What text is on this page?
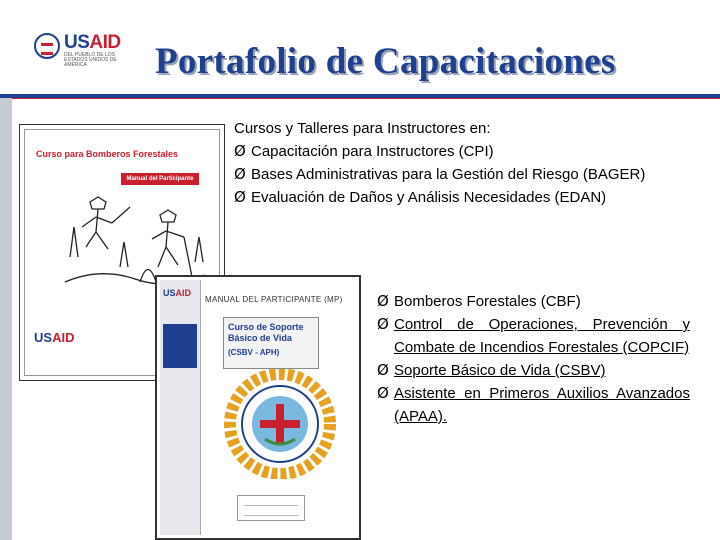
USAID
DEL PUEBLO DE LOS ESTADOS UNIDOS DE AMÉRICA	Portafolio de Capacitaciones
Curso para Bomberos Forestales
Manual del Participante
USAID
USAID
MANUAL DEL PARTICIPANTE (MP)
Curso de Soporte Básico de Vida
(CSBV - APH)
Cursos y Talleres para Instructores en:
Ø Capacitación para Instructores (CPI)
Ø Bases Administrativas para la Gestión del Riesgo (BAGER)
Ø Evaluación de Daños y Análisis Necesidades (EDAN)
Ø Bomberos Forestales (CBF)
Ø Control de Operaciones, Prevención y Combate de Incendios Forestales (COPCIF)
Ø Soporte Básico de Vida (CSBV)
Ø Asistente en Primeros Auxilios Avanzados (APAA).
